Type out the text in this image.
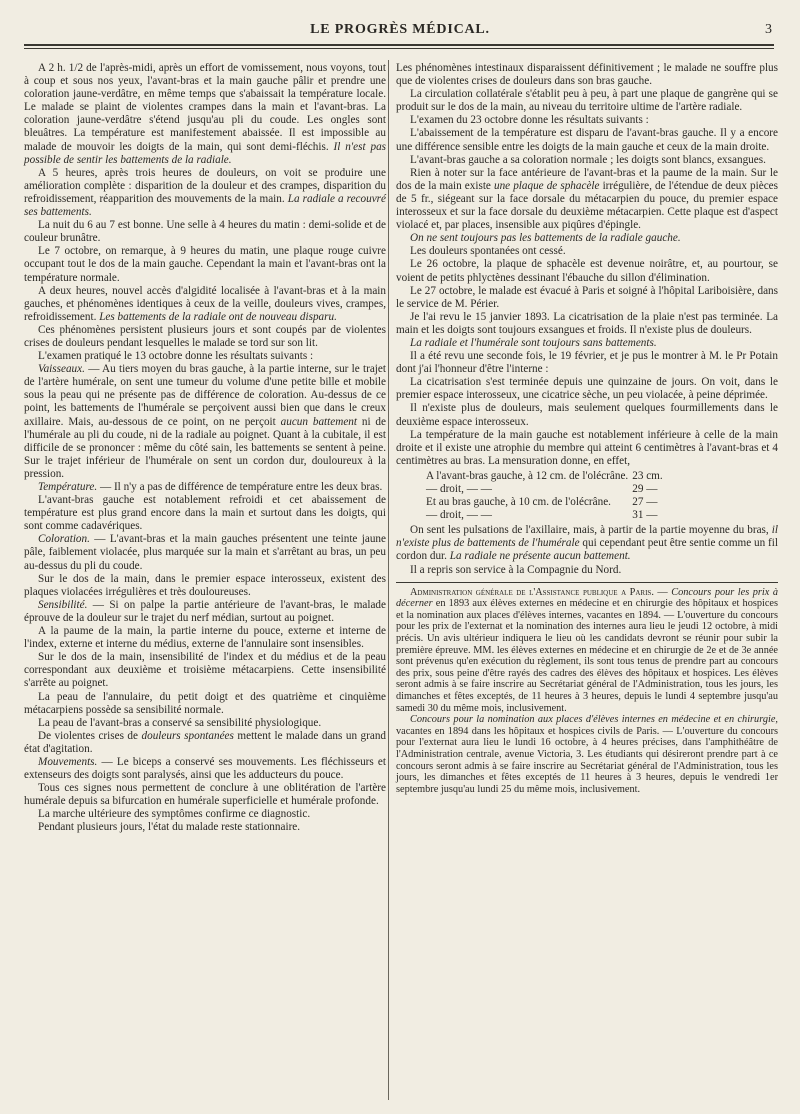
LE PROGRÈS MÉDICAL.	3

A 2 h. 1/2 de l'après-midi, après un effort de vomissement, nous voyons, tout à coup et sous nos yeux, l'avant-bras et la main gauche pâlir et prendre une coloration jaune-verdâtre, en même temps que s'abaissait la température locale. Le malade se plaint de violentes crampes dans la main et l'avant-bras. La coloration jaune-verdâtre s'étend jusqu'au pli du coude. Les ongles sont bleuâtres. La température est manifestement abaissée. Il est impossible au malade de mouvoir les doigts de la main, qui sont demi-fléchis. Il n'est pas possible de sentir les battements de la radiale.

A 5 heures, après trois heures de douleurs, on voit se produire une amélioration complète : disparition de la douleur et des crampes, disparition du refroidissement, réapparition des mouvements de la main. La radiale a recouvré ses battements.

La nuit du 6 au 7 est bonne. Une selle à 4 heures du matin : demi-solide et de couleur brunâtre.

Le 7 octobre, on remarque, à 9 heures du matin, une plaque rouge cuivre occupant tout le dos de la main gauche. Cependant la main et l'avant-bras ont la température normale.

A deux heures, nouvel accès d'algidité localisée à l'avant-bras et à la main gauches, et phénomènes identiques à ceux de la veille, douleurs vives, crampes, refroidissement. Les battements de la radiale ont de nouveau disparu.

Ces phénomènes persistent plusieurs jours et sont coupés par de violentes crises de douleurs pendant lesquelles le malade se tord sur son lit.

L'examen pratiqué le 13 octobre donne les résultats suivants :

Vaisseaux. — Au tiers moyen du bras gauche, à la partie interne, sur le trajet de l'artère humérale, on sent une tumeur du volume d'une petite bille et mobile sous la peau qui ne présente pas de différence de coloration. Au-dessus de ce point, les battements de l'humérale se perçoivent aussi bien que dans le creux axillaire. Mais, au-dessous de ce point, on ne perçoit aucun battement ni de l'humérale au pli du coude, ni de la radiale au poignet. Quant à la cubitale, il est difficile de se prononcer : même du côté sain, les battements se sentent à peine. Sur le trajet inférieur de l'humérale on sent un cordon dur, douloureux à la pression.

Température. — Il n'y a pas de différence de température entre les deux bras.

L'avant-bras gauche est notablement refroidi et cet abaissement de température est plus grand encore dans la main et surtout dans les doigts, qui sont comme cadavériques.

Coloration. — L'avant-bras et la main gauches présentent une teinte jaune pâle, faiblement violacée, plus marquée sur la main et s'arrêtant au bras, un peu au-dessus du pli du coude.

Sur le dos de la main, dans le premier espace interosseux, existent des plaques violacées irrégulières et très douloureuses.

Sensibilité. — Si on palpe la partie antérieure de l'avant-bras, le malade éprouve de la douleur sur le trajet du nerf médian, surtout au poignet.

A la paume de la main, la partie interne du pouce, externe et interne de l'index, externe et interne du médius, externe de l'annulaire sont insensibles.

Sur le dos de la main, insensibilité de l'index et du médius et de la peau correspondant aux deuxième et troisième métacarpiens. Cette insensibilité s'arrête au poignet.

La peau de l'annulaire, du petit doigt et des quatrième et cinquième métacarpiens possède sa sensibilité normale.

La peau de l'avant-bras a conservé sa sensibilité physiologique.

De violentes crises de douleurs spontanées mettent le malade dans un grand état d'agitation.

Mouvements. — Le biceps a conservé ses mouvements. Les fléchisseurs et extenseurs des doigts sont paralysés, ainsi que les adducteurs du pouce.

Tous ces signes nous permettent de conclure à une oblitération de l'artère humérale depuis sa bifurcation en humérale superficielle et humérale profonde.

La marche ultérieure des symptômes confirme ce diagnostic.

Pendant plusieurs jours, l'état du malade reste stationnaire.

Les phénomènes intestinaux disparaissent définitivement ; le malade ne souffre plus que de violentes crises de douleurs dans son bras gauche.

La circulation collatérale s'établit peu à peu, à part une plaque de gangrène qui se produit sur le dos de la main, au niveau du territoire ultime de l'artère radiale.

L'examen du 23 octobre donne les résultats suivants :

L'abaissement de la température est disparu de l'avant-bras gauche. Il y a encore une différence sensible entre les doigts de la main gauche et ceux de la main droite.

L'avant-bras gauche a sa coloration normale ; les doigts sont blancs, exsangues.

Rien à noter sur la face antérieure de l'avant-bras et la paume de la main. Sur le dos de la main existe une plaque de sphacèle irrégulière, de l'étendue de deux pièces de 5 fr., siégeant sur la face dorsale du métacarpien du pouce, du premier espace interosseux et sur la face dorsale du deuxième métacarpien. Cette plaque est d'aspect violacé et, par places, insensible aux piqûres d'épingle.

On ne sent toujours pas les battements de la radiale gauche.

Les douleurs spontanées ont cessé.

Le 26 octobre, la plaque de sphacèle est devenue noirâtre, et, au pourtour, se voient de petits phlyctènes dessinant l'ébauche du sillon d'élimination.

Le 27 octobre, le malade est évacué à Paris et soigné à l'hôpital Lariboisière, dans le service de M. Périer.

Je l'ai revu le 15 janvier 1893. La cicatrisation de la plaie n'est pas terminée. La main et les doigts sont toujours exsangues et froids. Il n'existe plus de douleurs.

La radiale et l'humérale sont toujours sans battements.

Il a été revu une seconde fois, le 19 février, et je pus le montrer à M. le Pr Potain dont j'ai l'honneur d'être l'interne :

La cicatrisation s'est terminée depuis une quinzaine de jours. On voit, dans le premier espace interosseux, une cicatrice sèche, un peu violacée, à peine déprimée.

Il n'existe plus de douleurs, mais seulement quelques fourmillements dans le deuxième espace interosseux.

La température de la main gauche est notablement inférieure à celle de la main droite et il existe une atrophie du membre qui atteint 6 centimètres à l'avant-bras et 4 centimètres au bras. La mensuration donne, en effet,

A l'avant-bras gauche, à 12 cm. de l'olécrâne.	23 cm.
— droit, — —	29 —
Et au bras gauche, à 10 cm. de l'olécrâne.	27 —
— droit, — —	31 —

On sent les pulsations de l'axillaire, mais, à partir de la partie moyenne du bras, il n'existe plus de battements de l'humérale qui cependant peut être sentie comme un fil cordon dur. La radiale ne présente aucun battement.

Il a repris son service à la Compagnie du Nord.

Administration générale de l'Assistance publique a Paris. — Concours pour les prix à décerner en 1893 aux élèves externes en médecine et en chirurgie des hôpitaux et hospices et la nomination aux places d'élèves internes, vacantes en 1894. — L'ouverture du concours pour les prix de l'externat et la nomination des internes aura lieu le jeudi 12 octobre, à midi précis. Un avis ultérieur indiquera le lieu où les candidats devront se réunir pour subir la première épreuve. MM. les élèves externes en médecine et en chirurgie de 2e et de 3e année sont prévenus qu'en exécution du règlement, ils sont tous tenus de prendre part au concours des prix, sous peine d'être rayés des cadres des élèves des hôpitaux et hospices. Les élèves seront admis à se faire inscrire au Secrétariat général de l'Administration, tous les jours, les dimanches et fêtes exceptés, de 11 heures à 3 heures, depuis le lundi 4 septembre jusqu'au samedi 30 du même mois, inclusivement.

Concours pour la nomination aux places d'élèves internes en médecine et en chirurgie, vacantes en 1894 dans les hôpitaux et hospices civils de Paris. — L'ouverture du concours pour l'externat aura lieu le lundi 16 octobre, à 4 heures précises, dans l'amphithéâtre de l'Administration centrale, avenue Victoria, 3. Les étudiants qui désireront prendre part à ce concours seront admis à se faire inscrire au Secrétariat général de l'Administration, tous les jours, les dimanches et fêtes exceptés de 11 heures à 3 heures, depuis le vendredi 1er septembre jusqu'au lundi 25 du même mois, inclusivement.
